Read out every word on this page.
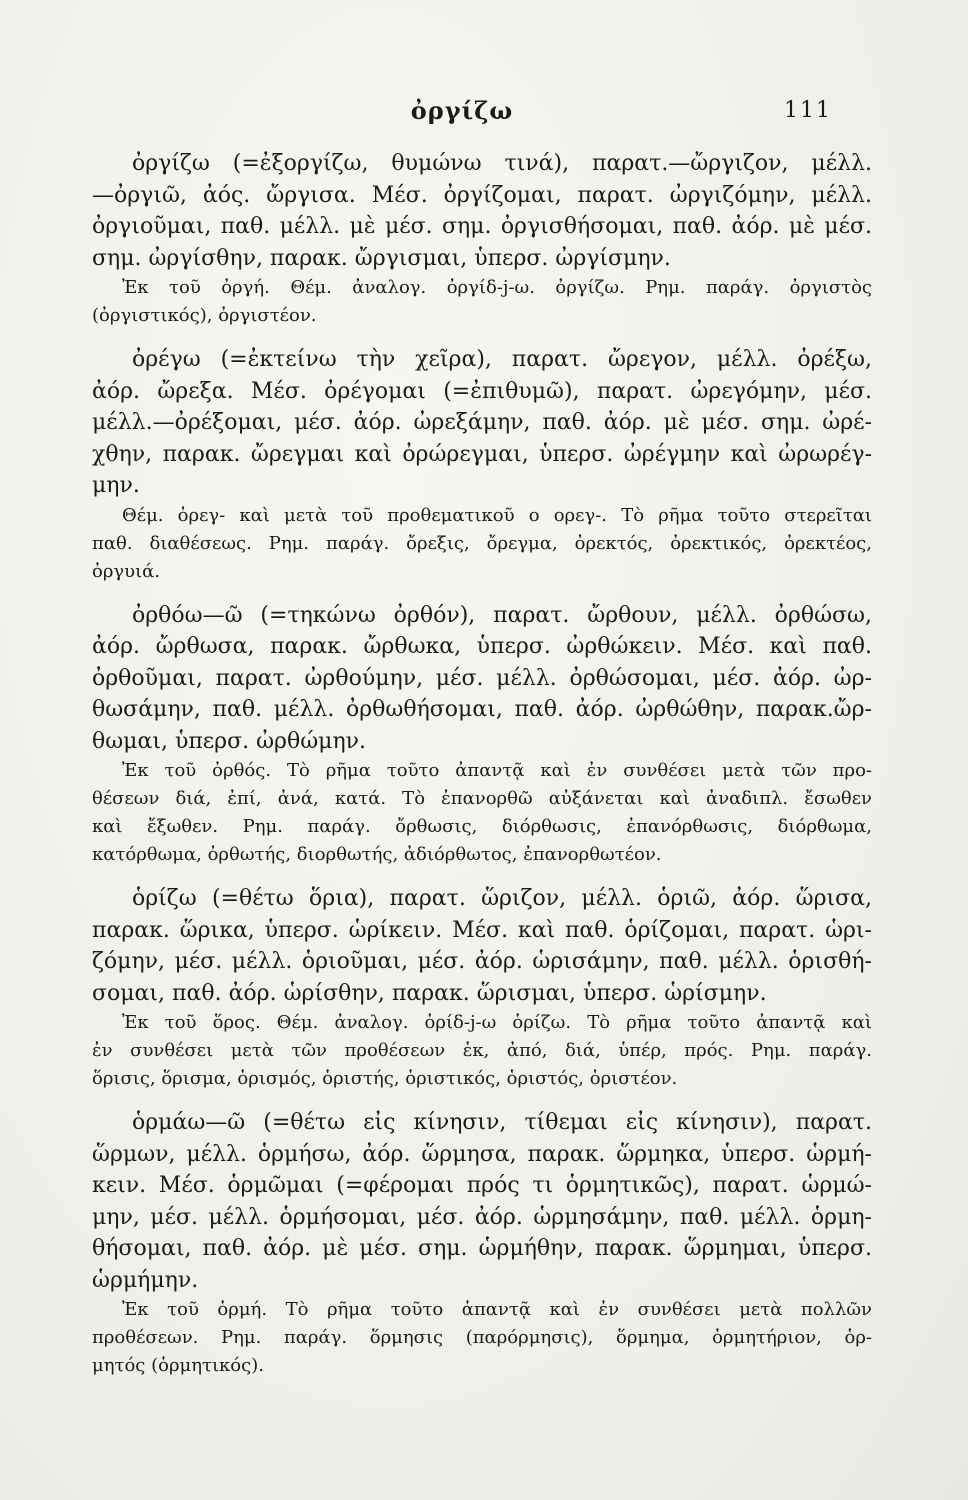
ὀργίζω	111
ὀργίζω (=ἐξοργίζω, θυμώνω τινά), παρατ.—ὤργιζον, μέλλ.
—ὀργιῶ, ἀός. ὤργισα. Μέσ. ὀργίζομαι, παρατ. ὠργιζόμην, μέλλ.
ὀργιοῦμαι, παθ. μέλλ. μὲ μέσ. σημ. ὀργισθήσομαι, παθ. ἀόρ. μὲ μέσ.
σημ. ὠργίσθην, παρακ. ὤργισμαι, ὑπερσ. ὠργίσμην.
Ἐκ τοῦ ὀργή. Θέμ. ἀναλογ. ὀργίδ-j-ω. ὀργίζω. Ρημ. παράγ. ὀργιστὸς
(ὀργιστικός), ὀργιστέον.
ὀρέγω (=ἐκτείνω τὴν χεῖρα), παρατ. ὤρεγον, μέλλ. ὀρέξω,
ἀόρ. ὤρεξα. Μέσ. ὀρέγομαι (=ἐπιθυμῶ), παρατ. ὠρεγόμην, μέσ.
μέλλ.—ὀρέξομαι, μέσ. ἀόρ. ὠρεξάμην, παθ. ἀόρ. μὲ μέσ. σημ. ὠρέ-
χθην, παρακ. ὤρεγμαι καὶ ὀρώρεγμαι, ὑπερσ. ὠρέγμην καὶ ὠρωρέγ-
μην.
Θέμ. ὀρεγ- καὶ μετὰ τοῦ προθεματικοῦ ο ορεγ-. Τὸ ρῆμα τοῦτο στερεῖται
παθ. διαθέσεως. Ρημ. παράγ. ὄρεξις, ὄρεγμα, ὀρεκτός, ὀρεκτικός, ὀρεκτέος,
ὀργυιά.
ὀρθόω—ῶ (=τηκώνω ὀρθόν), παρατ. ὤρθουν, μέλλ. ὀρθώσω,
ἀόρ. ὤρθωσα, παρακ. ὤρθωκα, ὑπερσ. ὠρθώκειν. Μέσ. καὶ παθ.
ὀρθοῦμαι, παρατ. ὠρθούμην, μέσ. μέλλ. ὀρθώσομαι, μέσ. ἀόρ. ὠρ-
θωσάμην, παθ. μέλλ. ὀρθωθήσομαι, παθ. ἀόρ. ὠρθώθην, παρακ.ὤρ-
θωμαι, ὑπερσ. ὠρθώμην.
Ἐκ τοῦ ὀρθός. Τὸ ρῆμα τοῦτο ἀπαντᾷ καὶ ἐν συνθέσει μετὰ τῶν προ-
θέσεων διά, ἐπί, ἀνά, κατά. Τὸ ἐπανορθῶ αὐξάνεται καὶ ἀναδιπλ. ἔσωθεν
καὶ ἔξωθεν. Ρημ. παράγ. ὄρθωσις, διόρθωσις, ἐπανόρθωσις, διόρθωμα,
κατόρθωμα, ὀρθωτής, διορθωτής, ἀδιόρθωτος, ἐπανορθωτέον.
ὁρίζω (=θέτω ὅρια), παρατ. ὥριζον, μέλλ. ὁριῶ, ἀόρ. ὥρισα,
παρακ. ὥρικα, ὑπερσ. ὡρίκειν. Μέσ. καὶ παθ. ὁρίζομαι, παρατ. ὡρι-
ζόμην, μέσ. μέλλ. ὁριοῦμαι, μέσ. ἀόρ. ὡρισάμην, παθ. μέλλ. ὁρισθή-
σομαι, παθ. ἀόρ. ὡρίσθην, παρακ. ὥρισμαι, ὑπερσ. ὡρίσμην.
Ἐκ τοῦ ὅρος. Θέμ. ἀναλογ. ὁρίδ-j-ω ὁρίζω. Τὸ ρῆμα τοῦτο ἀπαντᾷ καὶ
ἐν συνθέσει μετὰ τῶν προθέσεων ἐκ, ἀπό, διά, ὑπέρ, πρός. Ρημ. παράγ.
ὅρισις, ὅρισμα, ὁρισμός, ὁριστής, ὁριστικός, ὁριστός, ὁριστέον.
ὁρμάω—ῶ (=θέτω εἰς κίνησιν, τίθεμαι εἰς κίνησιν), παρατ.
ὥρμων, μέλλ. ὁρμήσω, ἀόρ. ὥρμησα, παρακ. ὥρμηκα, ὑπερσ. ὡρμή-
κειν. Μέσ. ὁρμῶμαι (=φέρομαι πρός τι ὁρμητικῶς), παρατ. ὡρμώ-
μην, μέσ. μέλλ. ὁρμήσομαι, μέσ. ἀόρ. ὡρμησάμην, παθ. μέλλ. ὁρμη-
θήσομαι, παθ. ἀόρ. μὲ μέσ. σημ. ὡρμήθην, παρακ. ὥρμημαι, ὑπερσ.
ὡρμήμην.
Ἐκ τοῦ ὁρμή. Τὸ ρῆμα τοῦτο ἀπαντᾷ καὶ ἐν συνθέσει μετὰ πολλῶν
προθέσεων. Ρημ. παράγ. ὅρμησις (παρόρμησις), ὅρμημα, ὁρμητήριον, ὁρ-
μητός (ὁρμητικός).
